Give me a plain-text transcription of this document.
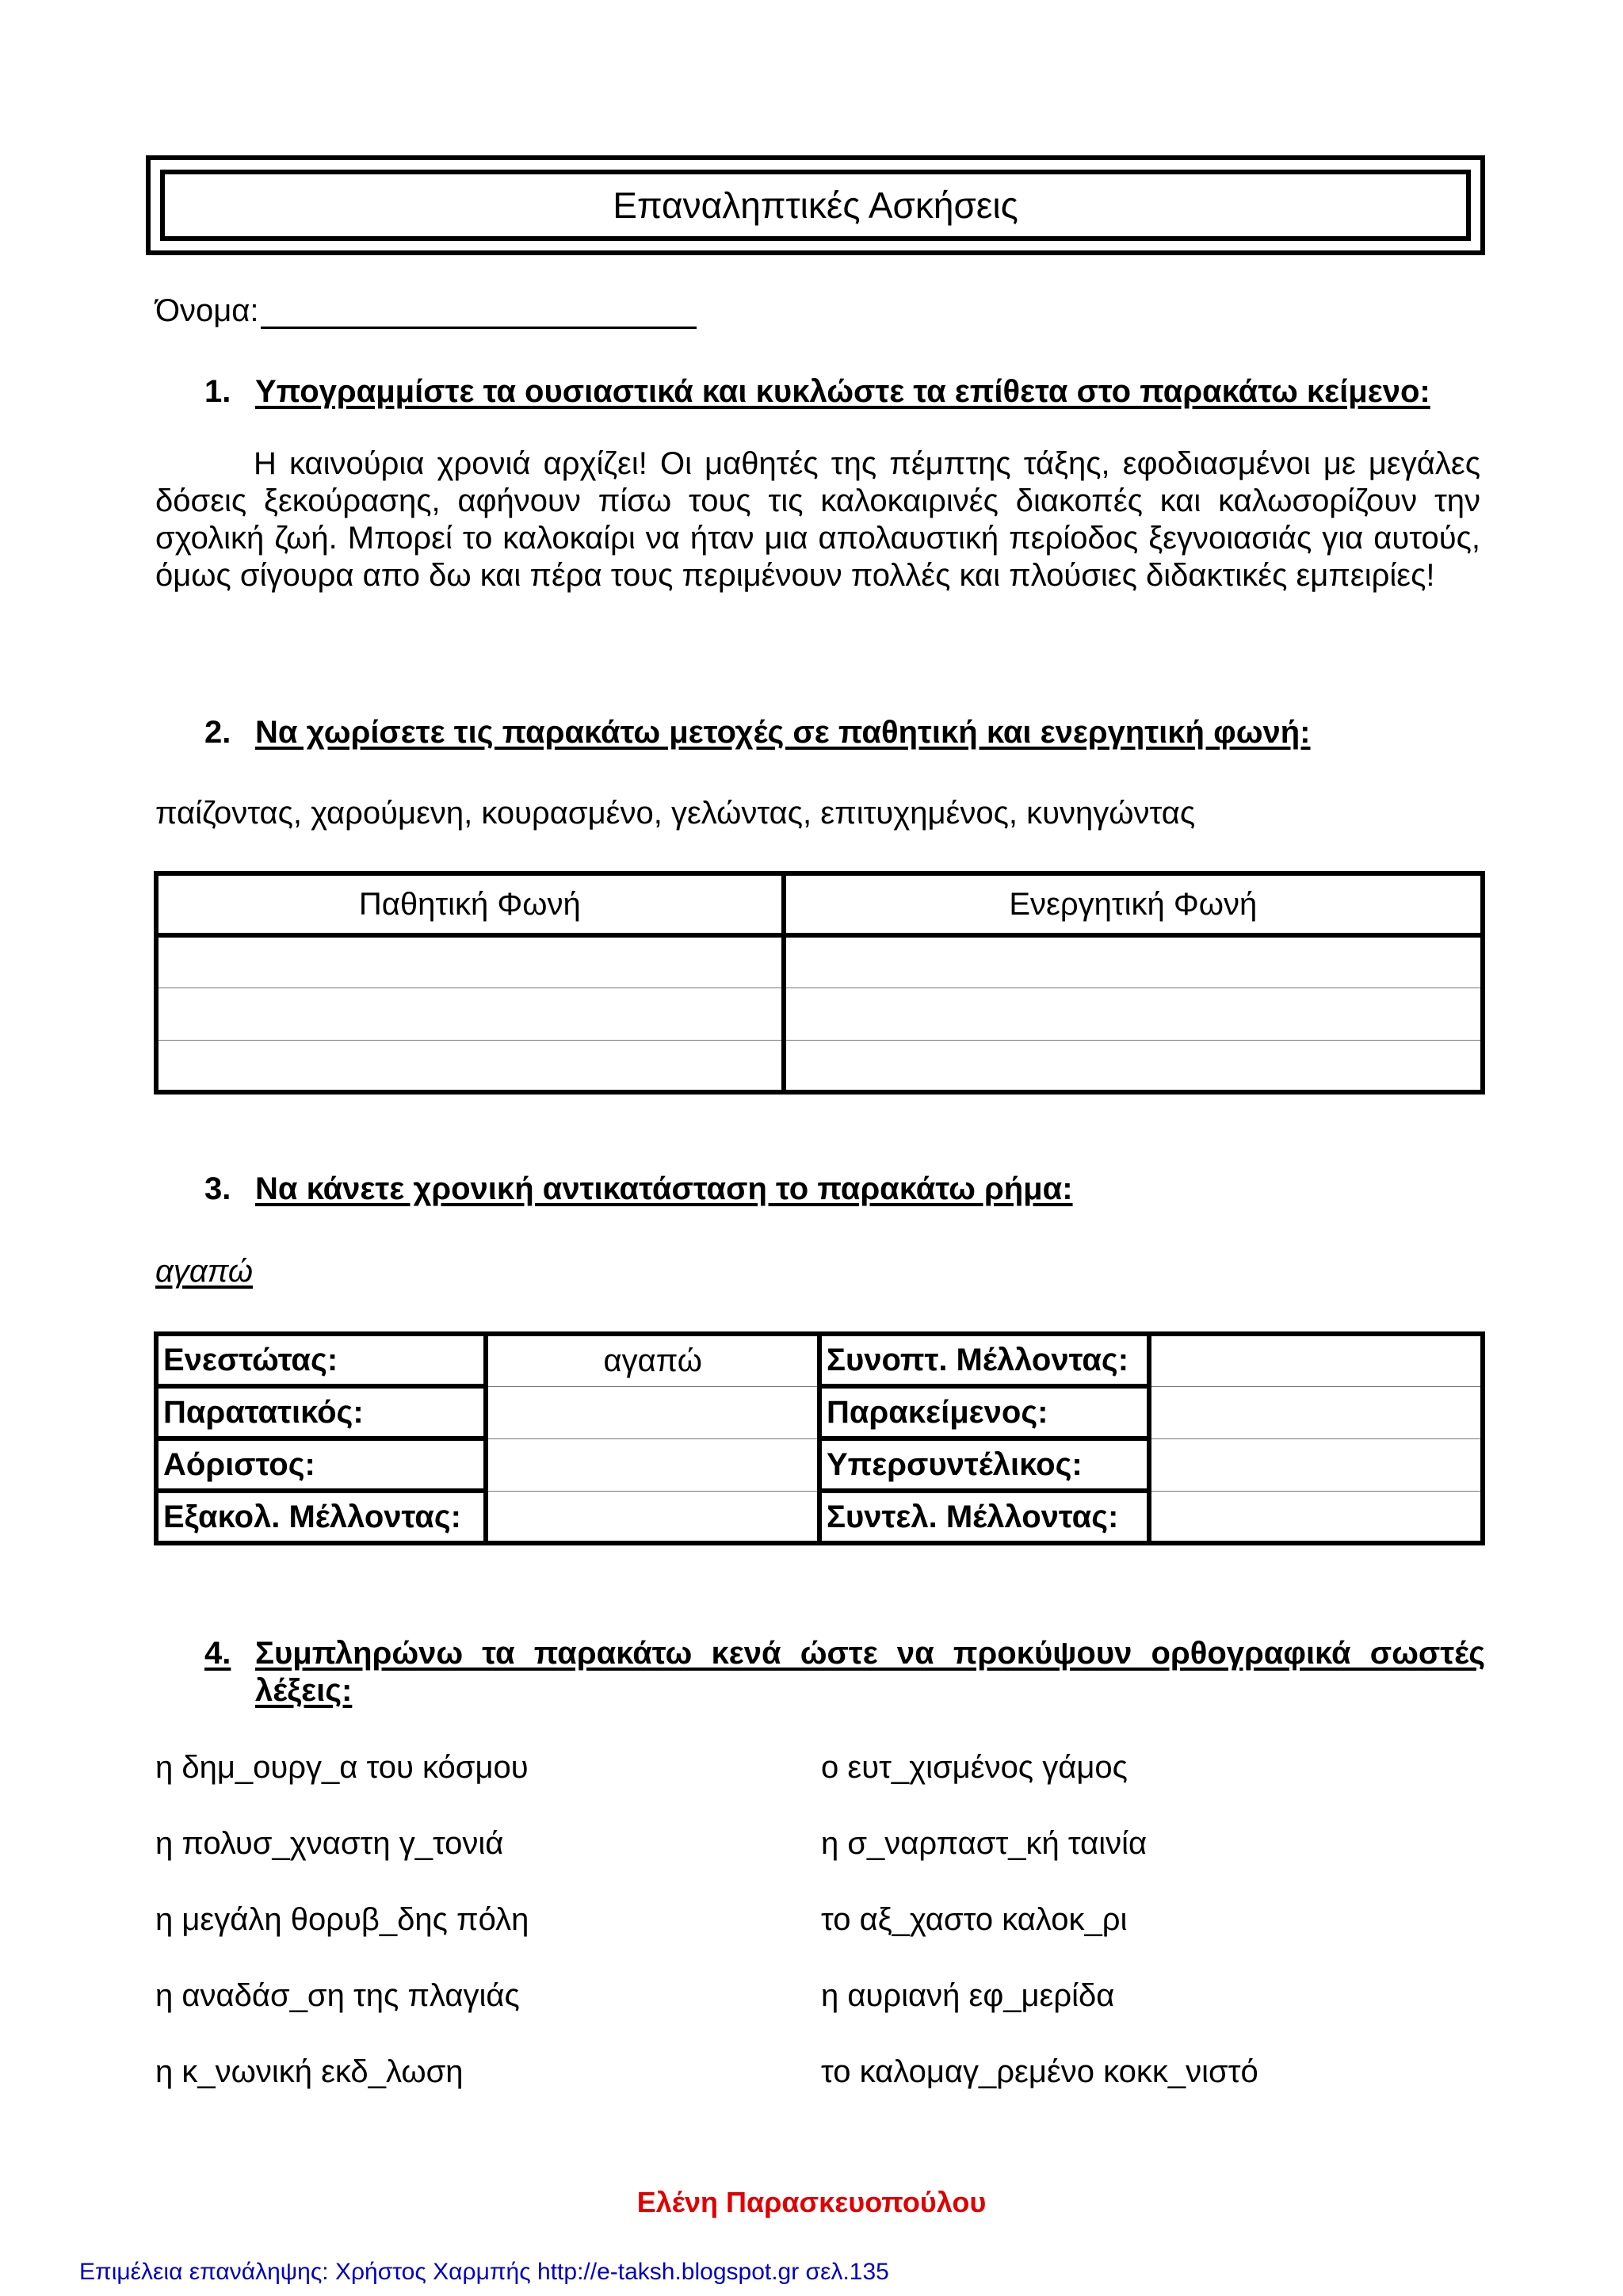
Επαναληπτικές Ασκήσεις
Όνομα:
1. Υπογραμμίστε τα ουσιαστικά και κυκλώστε τα επίθετα στο παρακάτω κείμενο:
Η καινούρια χρονιά αρχίζει! Οι μαθητές της πέμπτης τάξης, εφοδιασμένοι με μεγάλες δόσεις ξεκούρασης, αφήνουν πίσω τους τις καλοκαιρινές διακοπές και καλωσορίζουν την σχολική ζωή. Μπορεί το καλοκαίρι να ήταν μια απολαυστική περίοδος ξεγνοιασιάς για αυτούς, όμως σίγουρα απο δω και πέρα τους περιμένουν πολλές και πλούσιες διδακτικές εμπειρίες!
2. Να χωρίσετε τις παρακάτω μετοχές σε παθητική και ενεργητική φωνή:
παίζοντας, χαρούμενη, κουρασμένο, γελώντας, επιτυχημένος, κυνηγώντας
Παθητική Φωνή	Ενεργητική Φωνή

3. Να κάνετε χρονική αντικατάσταση το παρακάτω ρήμα:
αγαπώ
Ενεστώτας:	αγαπώ	Συνοπτ. Μέλλοντας:	
Παρατατικός:		Παρακείμενος:	
Αόριστος:		Υπερσυντέλικος:	
Εξακολ. Μέλλοντας:		Συντελ. Μέλλοντας:	
4. Συμπληρώνω τα παρακάτω κενά ώστε να προκύψουν ορθογραφικά σωστές λέξεις:
η δημ_ουργ_α του κόσμου
η πολυσ_χναστη γ_τονιά
η μεγάλη θορυβ_δης πόλη
η αναδάσ_ση της πλαγιάς
η κ_νωνική εκδ_λωση
ο ευτ_χισμένος γάμος
η σ_ναρπαστ_κή ταινία
το αξ_χαστο καλοκ_ρι
η αυριανή εφ_μερίδα
το καλομαγ_ρεμένο κοκκ_νιστό
Ελένη Παρασκευοπούλου
Επιμέλεια επανάληψης: Χρήστος Χαρμπής http://e-taksh.blogspot.gr σελ.135
